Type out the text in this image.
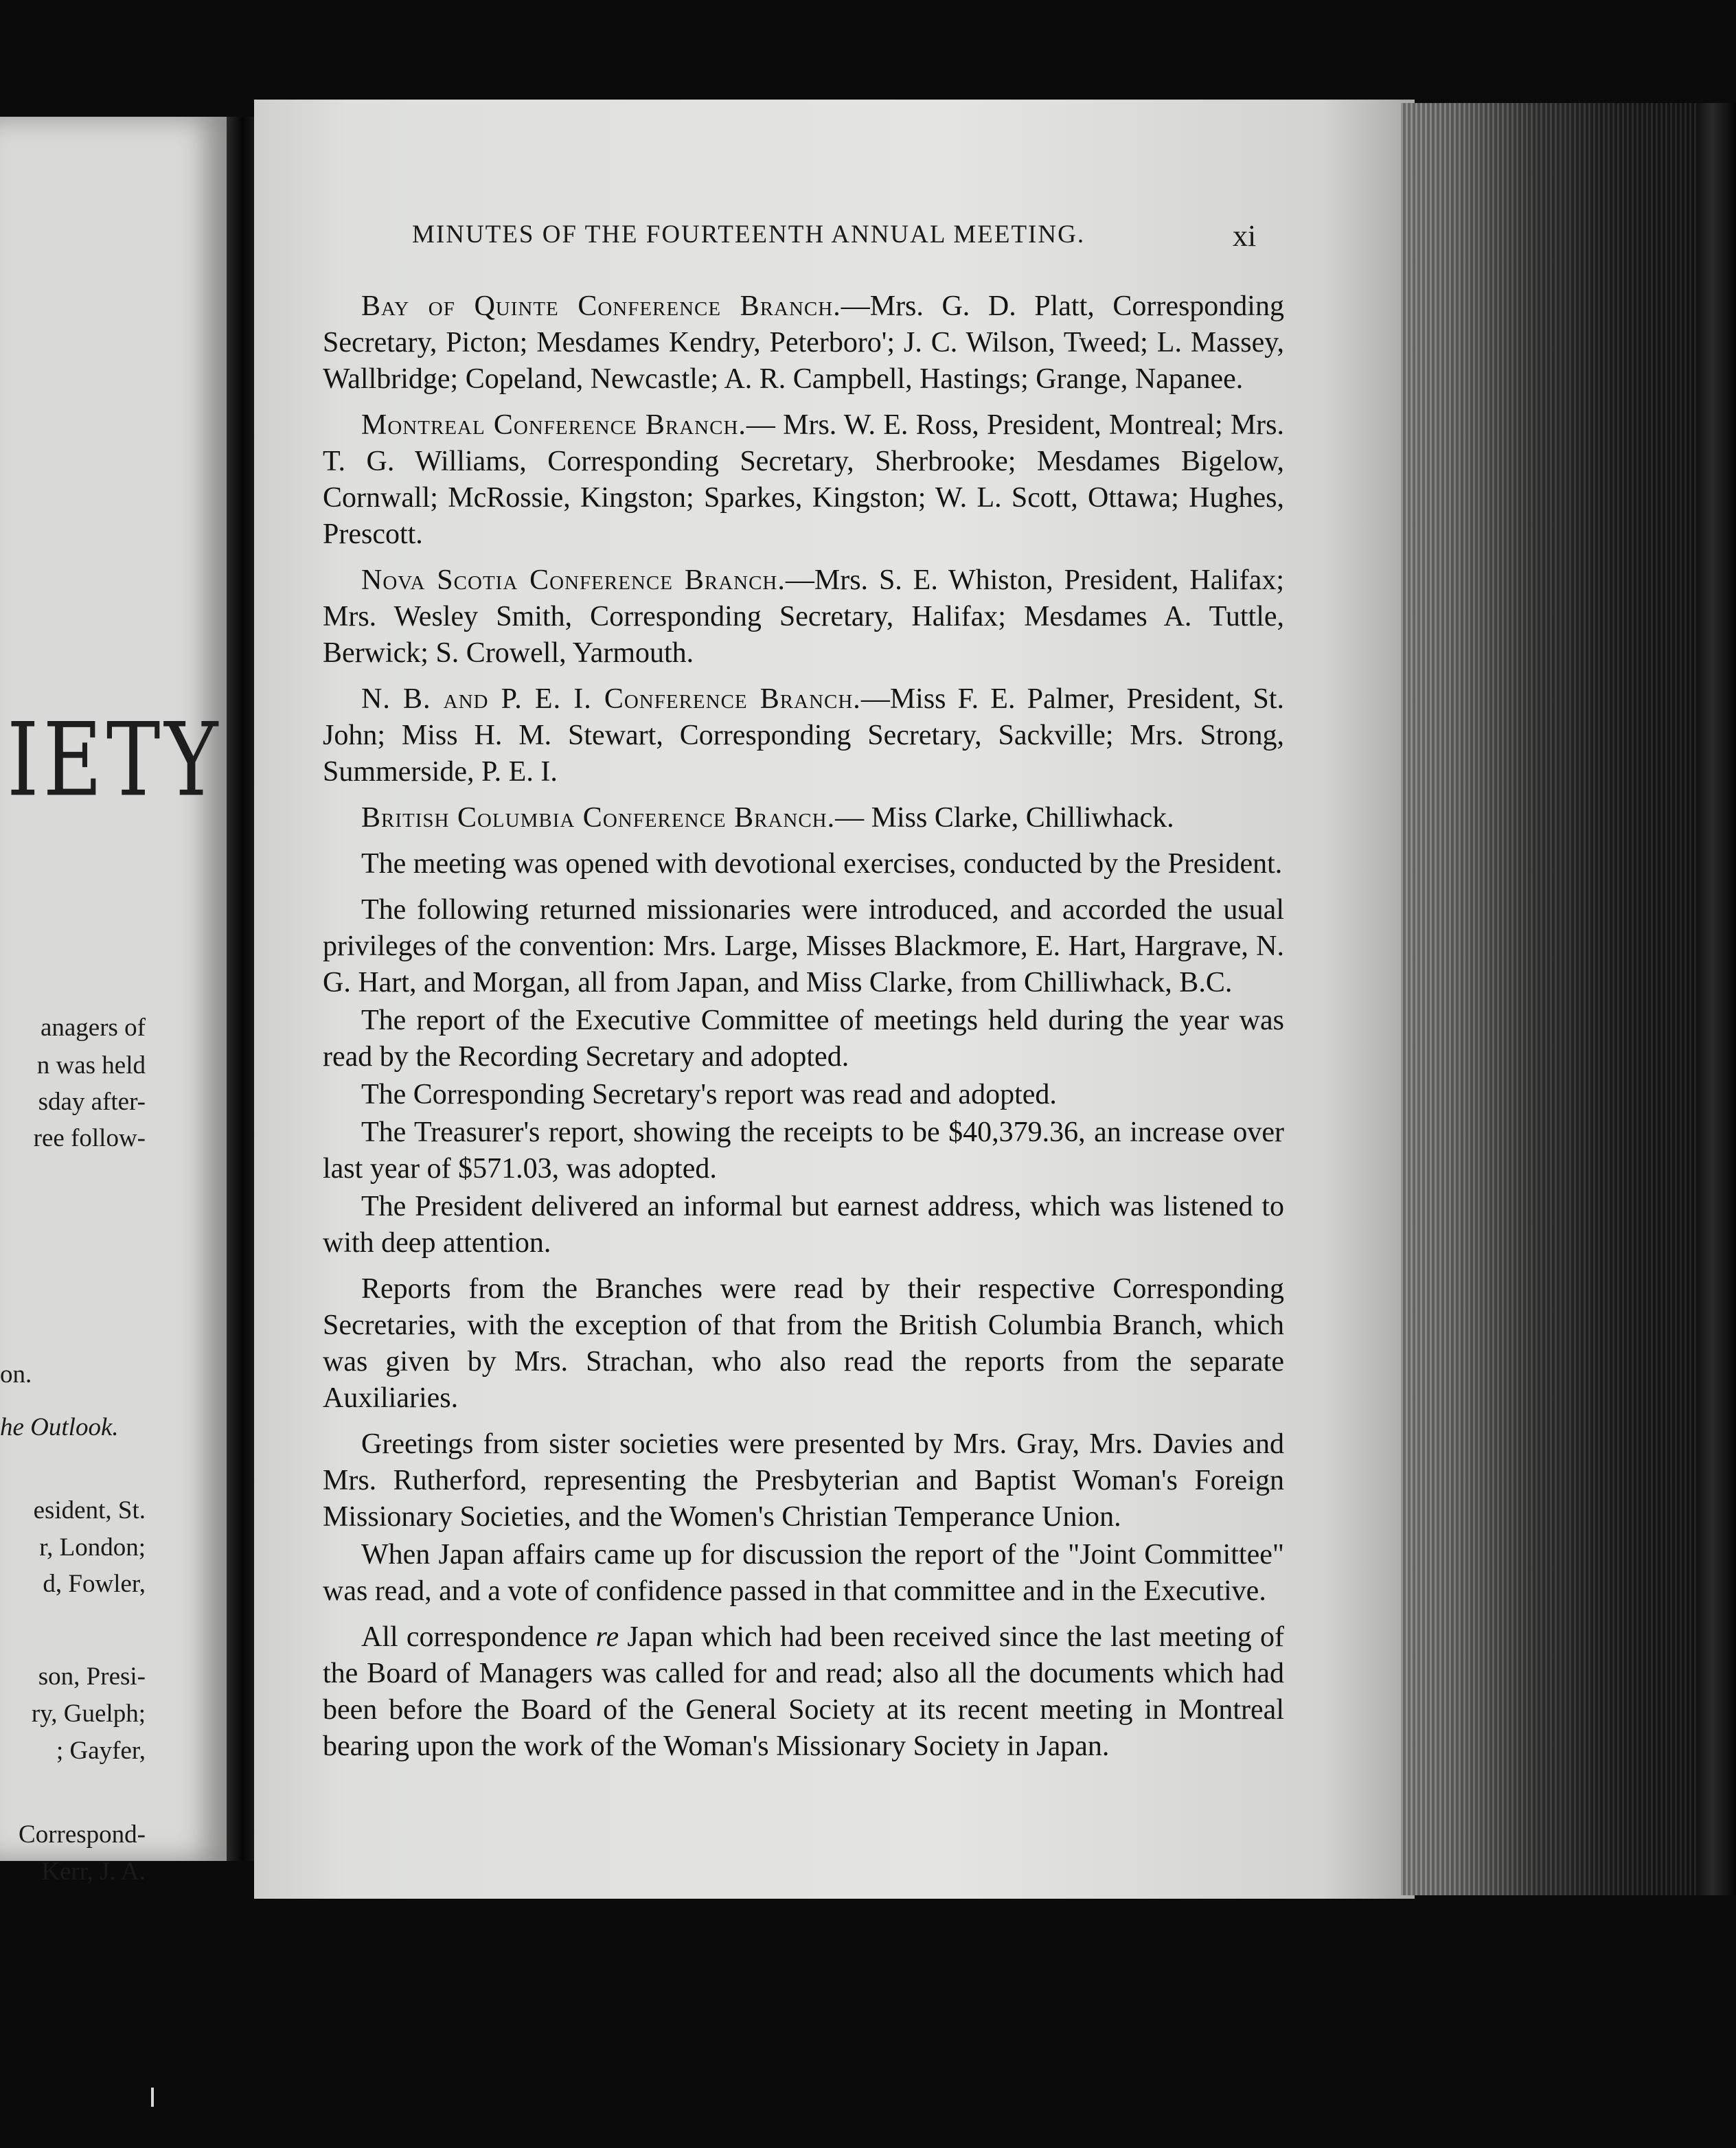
IETY
anagers of
n was held
sday after-
ree follow-
on.
he Outlook.
esident, St.
r, London;
d, Fowler,
son, Presi-
ry, Guelph;
; Gayfer,
Correspond-
Kerr, J. A.
MINUTES OF THE FOURTEENTH ANNUAL MEETING.	xi

Bay of Quinte Conference Branch.—Mrs. G. D. Platt, Corresponding Secretary, Picton; Mesdames Kendry, Peterboro'; J. C. Wilson, Tweed; L. Massey, Wallbridge; Copeland, Newcastle; A. R. Campbell, Hastings; Grange, Napanee.

Montreal Conference Branch.— Mrs. W. E. Ross, President, Montreal; Mrs. T. G. Williams, Corresponding Secretary, Sherbrooke; Mesdames Bigelow, Cornwall; McRossie, Kingston; Sparkes, Kingston; W. L. Scott, Ottawa; Hughes, Prescott.

Nova Scotia Conference Branch.—Mrs. S. E. Whiston, President, Halifax; Mrs. Wesley Smith, Corresponding Secretary, Halifax; Mesdames A. Tuttle, Berwick; S. Crowell, Yarmouth.

N. B. and P. E. I. Conference Branch.—Miss F. E. Palmer, President, St. John; Miss H. M. Stewart, Corresponding Secretary, Sackville; Mrs. Strong, Summerside, P. E. I.

British Columbia Conference Branch.— Miss Clarke, Chilliwhack.

The meeting was opened with devotional exercises, conducted by the President.

The following returned missionaries were introduced, and accorded the usual privileges of the convention: Mrs. Large, Misses Blackmore, E. Hart, Hargrave, N. G. Hart, and Morgan, all from Japan, and Miss Clarke, from Chilliwhack, B.C.

The report of the Executive Committee of meetings held during the year was read by the Recording Secretary and adopted.

The Corresponding Secretary's report was read and adopted.

The Treasurer's report, showing the receipts to be $40,379.36, an increase over last year of $571.03, was adopted.

The President delivered an informal but earnest address, which was listened to with deep attention.

Reports from the Branches were read by their respective Corresponding Secretaries, with the exception of that from the British Columbia Branch, which was given by Mrs. Strachan, who also read the reports from the separate Auxiliaries.

Greetings from sister societies were presented by Mrs. Gray, Mrs. Davies and Mrs. Rutherford, representing the Presbyterian and Baptist Woman's Foreign Missionary Societies, and the Women's Christian Temperance Union.

When Japan affairs came up for discussion the report of the "Joint Committee" was read, and a vote of confidence passed in that committee and in the Executive.

All correspondence re Japan which had been received since the last meeting of the Board of Managers was called for and read; also all the documents which had been before the Board of the General Society at its recent meeting in Montreal bearing upon the work of the Woman's Missionary Society in Japan.
